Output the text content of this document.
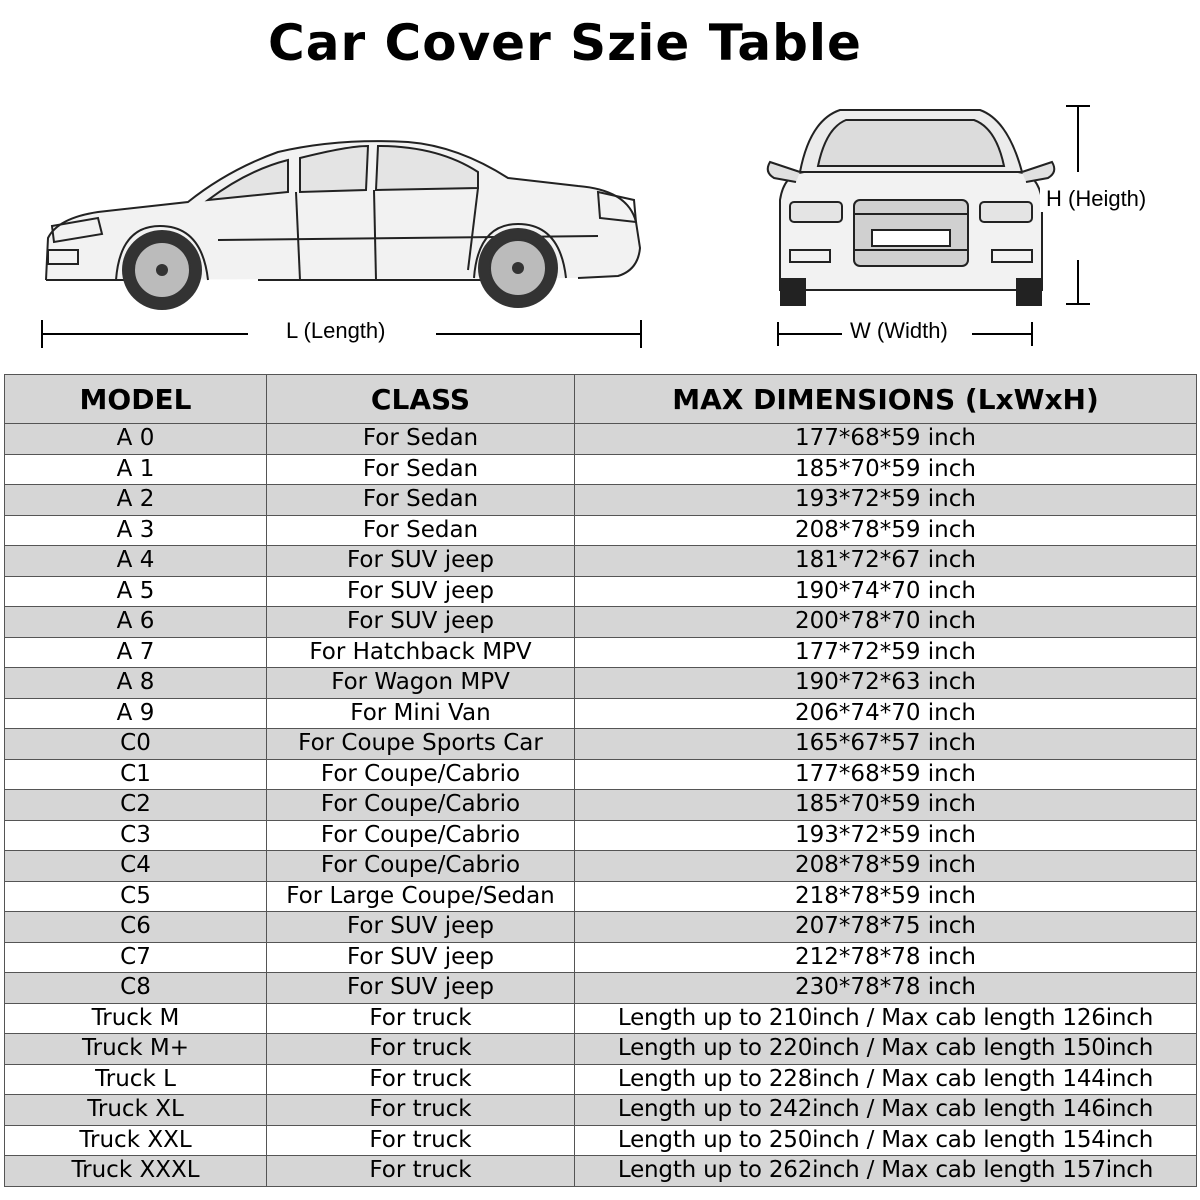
Car Cover Szie Table
L (Length)
H (Heigth)
W (Width)
MODEL	CLASS	MAX DIMENSIONS (LxWxH)
A 0	For Sedan	177*68*59 inch
A 1	For Sedan	185*70*59 inch
A 2	For Sedan	193*72*59 inch
A 3	For Sedan	208*78*59 inch
A 4	For SUV jeep	181*72*67 inch
A 5	For SUV jeep	190*74*70 inch
A 6	For SUV jeep	200*78*70 inch
A 7	For Hatchback MPV	177*72*59 inch
A 8	For Wagon MPV	190*72*63 inch
A 9	For Mini Van	206*74*70 inch
C0	For Coupe Sports Car	165*67*57 inch
C1	For Coupe/Cabrio	177*68*59 inch
C2	For Coupe/Cabrio	185*70*59 inch
C3	For Coupe/Cabrio	193*72*59 inch
C4	For Coupe/Cabrio	208*78*59 inch
C5	For Large Coupe/Sedan	218*78*59 inch
C6	For SUV jeep	207*78*75 inch
C7	For SUV jeep	212*78*78 inch
C8	For SUV jeep	230*78*78 inch
Truck M	For truck	Length up to 210inch / Max cab length 126inch
Truck M+	For truck	Length up to 220inch / Max cab length 150inch
Truck L	For truck	Length up to 228inch / Max cab length 144inch
Truck XL	For truck	Length up to 242inch / Max cab length 146inch
Truck XXL	For truck	Length up to 250inch / Max cab length 154inch
Truck XXXL	For truck	Length up to 262inch / Max cab length 157inch
